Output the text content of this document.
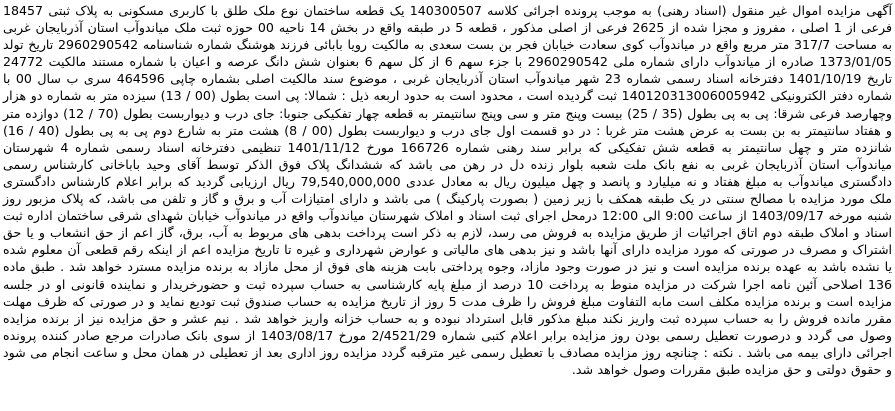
آگهی مزایده اموال غیر منقول (اسناد رهنی) به موجب پرونده اجرائی کلاسه 140300507 یک قطعه ساختمان نوع ملک طلق با کاربری مسکونی به پلاک ثبتی 18457 فرعی از 1 اصلی ، مفروز و مجزا شده از 2625 فرعی از اصلی مذکور ، قطعه 5 در طبقه واقع در بخش 14 ناحیه 00 حوزه ثبت ملک میاندوآب استان آذربایجان غربی به مساحت 317/7 متر مربع واقع در میاندوآب کوی سعادت خیابان فجر بن بست سعدی به مالکیت رویا بابائی فرزند هوشنگ شماره شناسنامه 2960290542 تاریخ تولد 1373/01/05 صادره از میاندوآب دارای شماره ملی 2960290542 با جزء سهم 6 از کل سهم 6 بعنوان شش دانگ عرصه و اعیان با شماره مستند مالکیت 24772 تاریخ 1401/10/19 دفترخانه اسناد رسمی شماره 23 شهر میاندوآب استان آذربایجان غربی ، موضوع سند مالکیت اصلی بشماره چاپی 464596 سری ب سال 00 با شماره دفتر الکترونیکی 140120313006005942 ثبت گردیده است ، محدود است به حدود اربعه ذیل : شمالا: پی است بطول (00 / 13) سیزده متر به شماره دو هزار وچهارصد فرعی شرقا: پی به پی بطول (35 / 25) بیست وپنج متر و سی وپنج سانتیمتر به قطعه چهار تفکیکی جنوبا: جای درب و دیواربست بطول (70 / 12) دوازده متر و هفتاد سانتیمتر به بن بست به عرض هشت متر غربا : در دو قسمت اول جای درب و دیواربست بطول (00 / 8) هشت متر به شارع دوم پی به پی بطول (40 / 16) شانزده متر و چهل سانتیمتر به قطعه شش تفکیکی که برابر سند رهنی شماره 166726 مورخ 1401/11/12 تنظیمی دفترخانه اسناد رسمی شماره 4 شهرستان میاندوآب استان آذربایجان غربی به نفع بانک ملت شعبه بلوار زنده دل در رهن می باشد که ششدانگ پلاک فوق الذکر توسط آقای وحید باباخانی کارشناس رسمی دادگستری میاندوآب به مبلغ هفتاد و نه میلیارد و پانصد و چهل میلیون ریال به معادل عددی 79,540,000,000 ریال ارزیابی گردید که برابر اعلام کارشناس دادگستری ملک مورد مزایده با مصالح سنتی در یک طبقه همکف با زیر زمین ( بصورت پارکینگ ) می باشد و دارای امتیازات آب و برق و گاز و تلفن می باشد، که پلاک مزبور روز شنبه مورخه 1403/09/17 از ساعت 9:00 الی 12:00 درمحل اجرای ثبت اسناد و املاک شهرستان میاندوآب واقع در میاندوآب خیابان شهدای شرقی ساختمان اداره ثبت اسناد و املاک طبقه دوم اتاق اجرائیات از طریق مزایده به فروش می رسد، لازم به ذکر است پرداخت بدهی های مربوط به آب، برق، گاز اعم از حق انشعاب و یا حق اشتراک و مصرف در صورتی که مورد مزایده دارای آنها باشد و نیز بدهی های مالیاتی و عوارض شهرداری و غیره تا تاریخ مزایده اعم از اینکه رقم قطعی آن معلوم شده یا نشده باشد به عهده برنده مزایده است و نیز در صورت وجود مازاد، وجوه پرداختی بابت هزینه های فوق از محل مازاد به برنده مزایده مسترد خواهد شد . طبق ماده 136 اصلاحی آئین نامه اجرا شرکت در مزایده منوط به پرداخت 10 درصد از مبلغ پایه کارشناسی به حساب سپرده ثبت و حضورخریدار و نماینده قانونی او در جلسه مزایده است و برنده مزایده مکلف است مابه التفاوت مبلغ فروش را ظرف مدت 5 روز از تاریخ مزایده به حساب صندوق ثبت تودیع نماید و در صورتی که ظرف مهلت مقرر مانده فروش را به حساب سپرده ثبت واریز نکند مبلغ مذکور قابل استرداد نبوده و به حساب خزانه واریز خواهد شد . نیم عشر و حق مزایده نیز از برنده مزایده وصول می گردد و درصورت تعطیل رسمی بودن روز مزایده برابر اعلام کتبی شماره 2/4521/29 مورخ 1403/08/17 از سوی بانک صادرات مرجع صادر کننده پرونده اجرائی دارای بیمه می باشد . نکته : چنانچه روز مزایده مصادف با تعطیل رسمی غیر مترقبه گردد مزایده روز اداری بعد از تعطیلی در همان محل و ساعت انجام می شود و حقوق دولتی و حق مزایده طبق مقررات وصول خواهد شد.
